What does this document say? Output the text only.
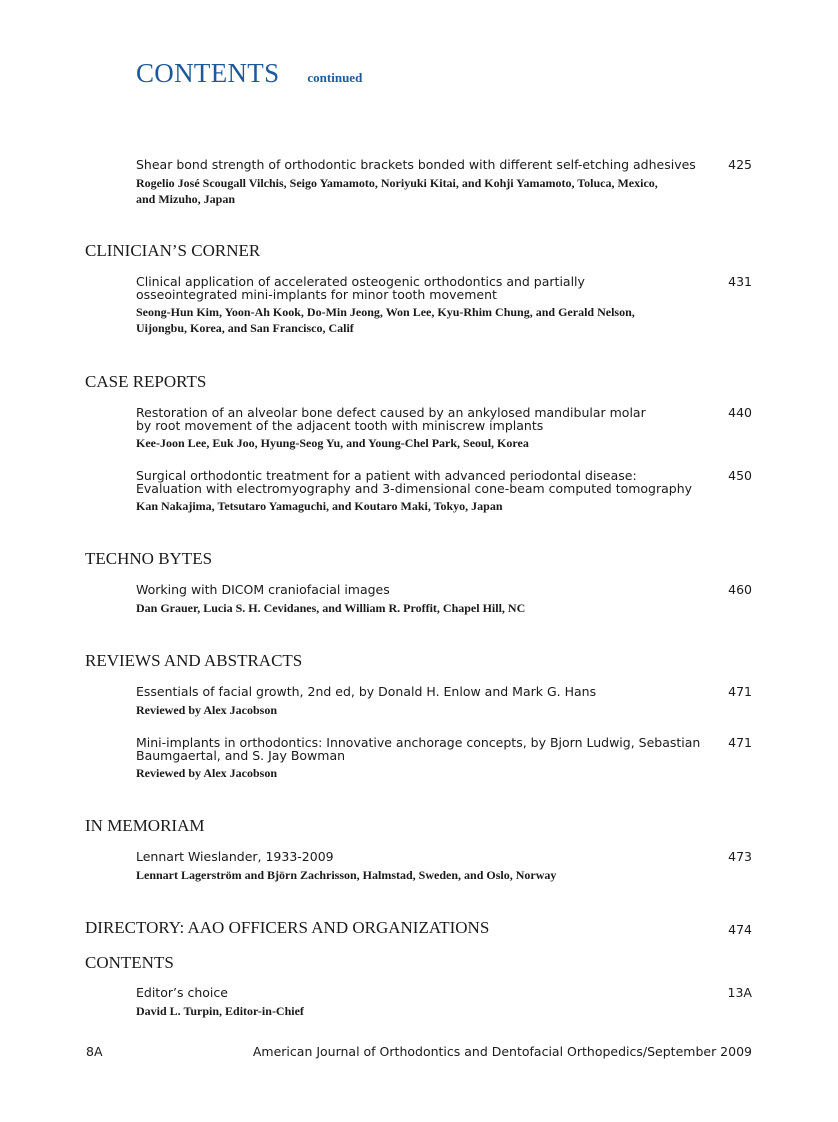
CONTENTS continued
Shear bond strength of orthodontic brackets bonded with different self-etching adhesives
Rogelio José Scougall Vilchis, Seigo Yamamoto, Noriyuki Kitai, and Kohji Yamamoto, Toluca, Mexico,
and Mizuho, Japan
425
CLINICIAN’S CORNER
Clinical application of accelerated osteogenic orthodontics and partially
osseointegrated mini-implants for minor tooth movement
Seong-Hun Kim, Yoon-Ah Kook, Do-Min Jeong, Won Lee, Kyu-Rhim Chung, and Gerald Nelson,
Uijongbu, Korea, and San Francisco, Calif
431
CASE REPORTS
Restoration of an alveolar bone defect caused by an ankylosed mandibular molar
by root movement of the adjacent tooth with miniscrew implants
Kee-Joon Lee, Euk Joo, Hyung-Seog Yu, and Young-Chel Park, Seoul, Korea
440
Surgical orthodontic treatment for a patient with advanced periodontal disease:
Evaluation with electromyography and 3-dimensional cone-beam computed tomography
Kan Nakajima, Tetsutaro Yamaguchi, and Koutaro Maki, Tokyo, Japan
450
TECHNO BYTES
Working with DICOM craniofacial images
Dan Grauer, Lucia S. H. Cevidanes, and William R. Proffit, Chapel Hill, NC
460
REVIEWS AND ABSTRACTS
Essentials of facial growth, 2nd ed, by Donald H. Enlow and Mark G. Hans
Reviewed by Alex Jacobson
471
Mini-implants in orthodontics: Innovative anchorage concepts, by Bjorn Ludwig, Sebastian
Baumgaertal, and S. Jay Bowman
Reviewed by Alex Jacobson
471
IN MEMORIAM
Lennart Wieslander, 1933-2009
Lennart Lagerström and Björn Zachrisson, Halmstad, Sweden, and Oslo, Norway
473
DIRECTORY: AAO OFFICERS AND ORGANIZATIONS	474
CONTENTS
Editor’s choice
David L. Turpin, Editor-in-Chief
13A
8A	American Journal of Orthodontics and Dentofacial Orthopedics/September 2009
